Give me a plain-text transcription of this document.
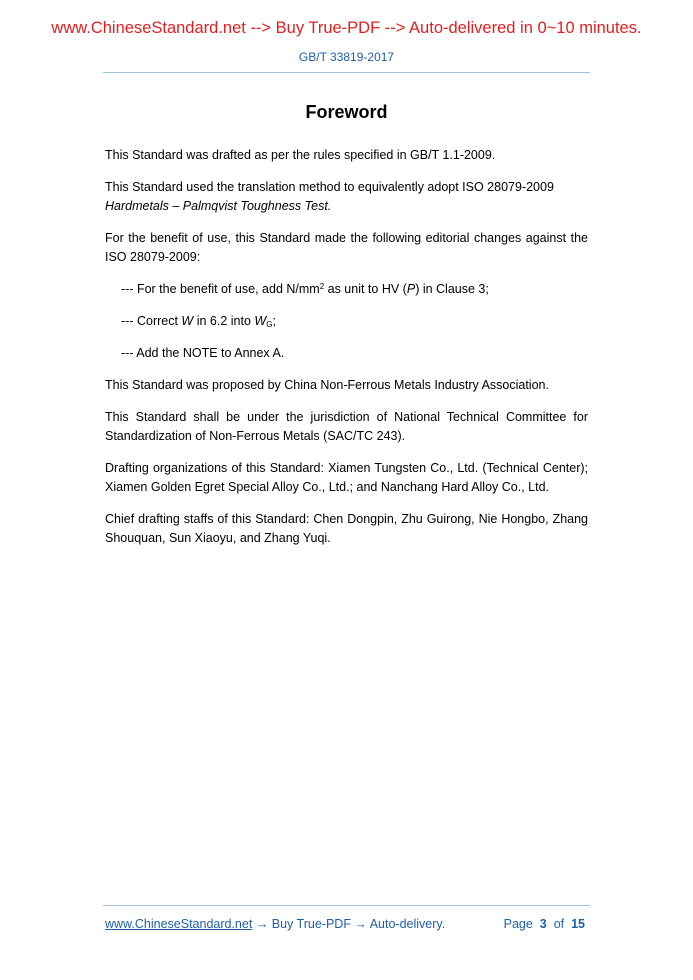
www.ChineseStandard.net --> Buy True-PDF --> Auto-delivered in 0~10 minutes.
GB/T 33819-2017
Foreword

This Standard was drafted as per the rules specified in GB/T 1.1-2009.

This Standard used the translation method to equivalently adopt ISO 28079-2009
Hardmetals – Palmqvist Toughness Test.

For the benefit of use, this Standard made the following editorial changes against the ISO 28079-2009:

--- For the benefit of use, add $N/mm^2$ as unit to HV (P) in Clause 3;

--- Correct W in 6.2 into $W_G$;

--- Add the NOTE to Annex A.

This Standard was proposed by China Non-Ferrous Metals Industry Association.

This Standard shall be under the jurisdiction of National Technical Committee for Standardization of Non-Ferrous Metals (SAC/TC 243).

Drafting organizations of this Standard: Xiamen Tungsten Co., Ltd. (Technical Center); Xiamen Golden Egret Special Alloy Co., Ltd.; and Nanchang Hard Alloy Co., Ltd.

Chief drafting staffs of this Standard: Chen Dongpin, Zhu Guirong, Nie Hongbo, Zhang Shouquan, Sun Xiaoyu, and Zhang Yuqi.

www.ChineseStandard.net → Buy True-PDF → Auto-delivery.	Page 3 of 15
